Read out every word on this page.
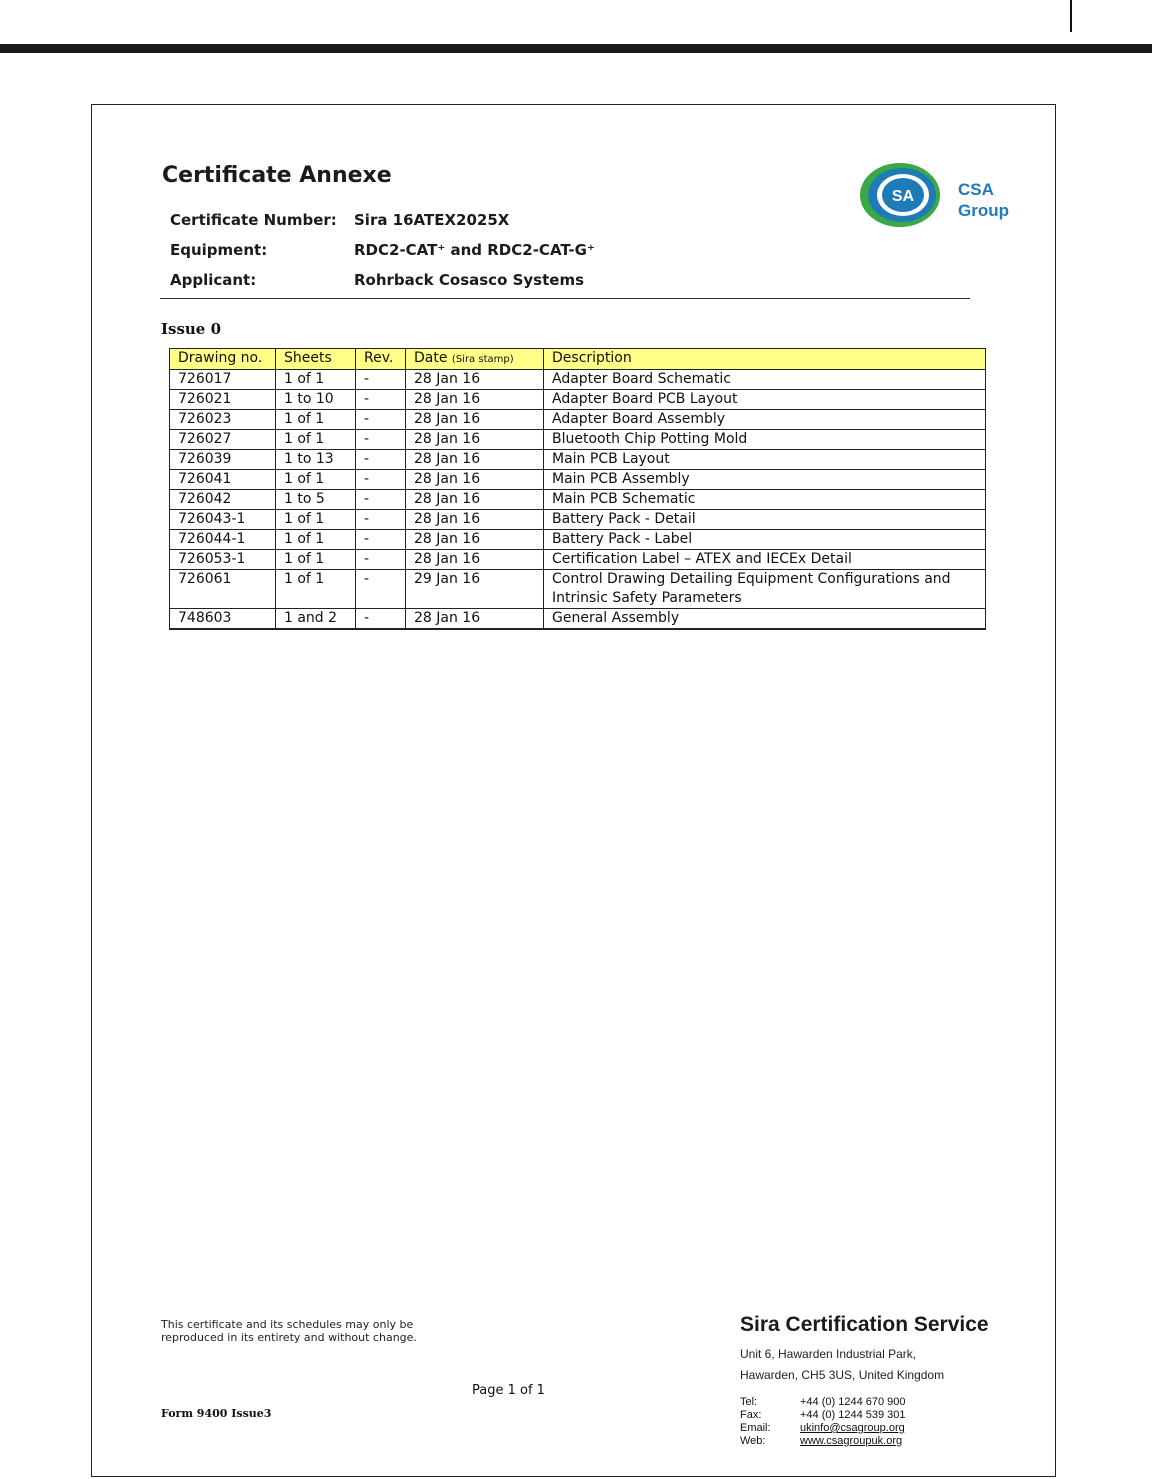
Certificate Annexe
Certificate Number: Sira 16ATEX2025X
Equipment:	RDC2-CAT⁺ and RDC2-CAT-G⁺
Applicant:	Rohrback Cosasco Systems
SA	CSA
Group
Issue 0
Drawing no.	Sheets	Rev.	Date (Sira stamp)	Description
726017	1 of 1	-	28 Jan 16	Adapter Board Schematic
726021	1 to 10	-	28 Jan 16	Adapter Board PCB Layout
726023	1 of 1	-	28 Jan 16	Adapter Board Assembly
726027	1 of 1	-	28 Jan 16	Bluetooth Chip Potting Mold
726039	1 to 13	-	28 Jan 16	Main PCB Layout
726041	1 of 1	-	28 Jan 16	Main PCB Assembly
726042	1 to 5	-	28 Jan 16	Main PCB Schematic
726043-1	1 of 1	-	28 Jan 16	Battery Pack - Detail
726044-1	1 of 1	-	28 Jan 16	Battery Pack - Label
726053-1	1 of 1	-	28 Jan 16	Certification Label – ATEX and IECEx Detail
726061	1 of 1	-	29 Jan 16	Control Drawing Detailing Equipment Configurations and Intrinsic Safety Parameters
748603	1 and 2	-	28 Jan 16	General Assembly
This certificate and its schedules may only be reproduced in its entirety and without change.
Form 9400 Issue3
Page 1 of 1
Sira Certification Service
Unit 6, Hawarden Industrial Park,
Hawarden, CH5 3US, United Kingdom
Tel:	+44 (0) 1244 670 900
Fax:	+44 (0) 1244 539 301
Email:	ukinfo@csagroup.org
Web:	www.csagroupuk.org
